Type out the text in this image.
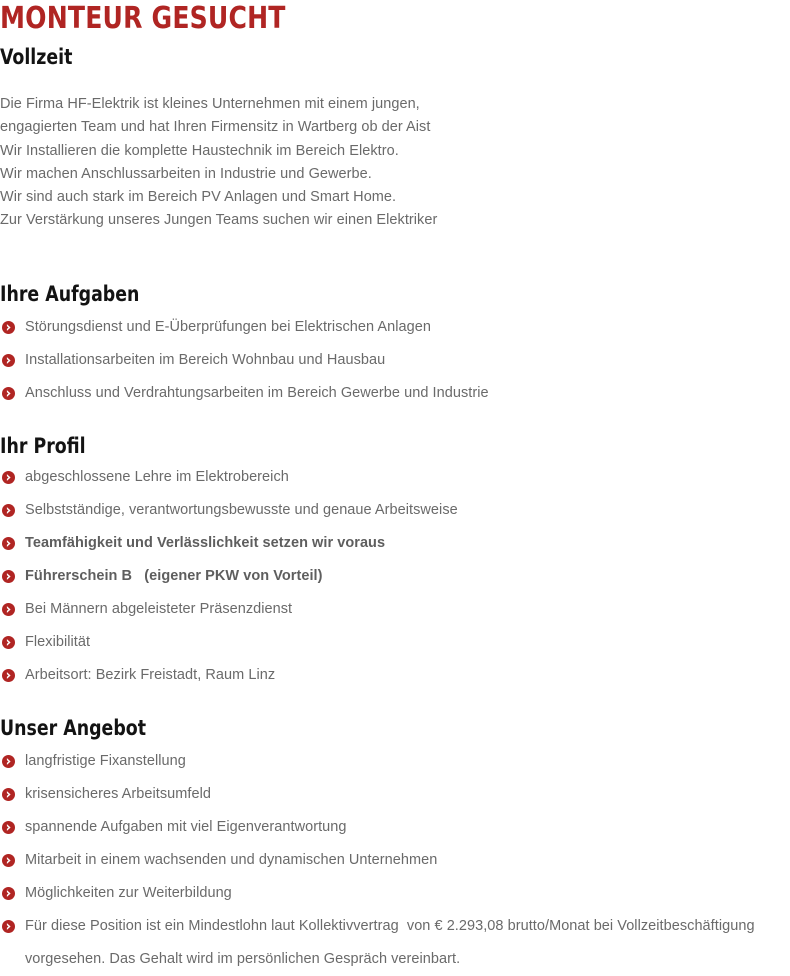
MONTEUR GESUCHT
Vollzeit

Die Firma HF-Elektrik ist kleines Unternehmen mit einem jungen,
engagierten Team und hat Ihren Firmensitz in Wartberg ob der Aist
Wir Installieren die komplette Haustechnik im Bereich Elektro.
Wir machen Anschlussarbeiten in Industrie und Gewerbe.
Wir sind auch stark im Bereich PV Anlagen und Smart Home.
Zur Verstärkung unseres Jungen Teams suchen wir einen Elektriker

Ihre Aufgaben
Störungsdienst und E-Überprüfungen bei Elektrischen Anlagen
Installationsarbeiten im Bereich Wohnbau und Hausbau
Anschluss und Verdrahtungsarbeiten im Bereich Gewerbe und Industrie
Ihr Profil
abgeschlossene Lehre im Elektrobereich
Selbstständige, verantwortungsbewusste und genaue Arbeitsweise
Teamfähigkeit und Verlässlichkeit setzen wir voraus
Führerschein B   (eigener PKW von Vorteil)
Bei Männern abgeleisteter Präsenzdienst
Flexibilität
Arbeitsort: Bezirk Freistadt, Raum Linz
Unser Angebot
langfristige Fixanstellung
krisensicheres Arbeitsumfeld
spannende Aufgaben mit viel Eigenverantwortung
Mitarbeit in einem wachsenden und dynamischen Unternehmen
Möglichkeiten zur Weiterbildung
Für diese Position ist ein Mindestlohn laut Kollektivvertrag  von € 2.293,08 brutto/Monat bei Vollzeitbeschäftigung vorgesehen. Das Gehalt wird im persönlichen Gespräch vereinbart.
